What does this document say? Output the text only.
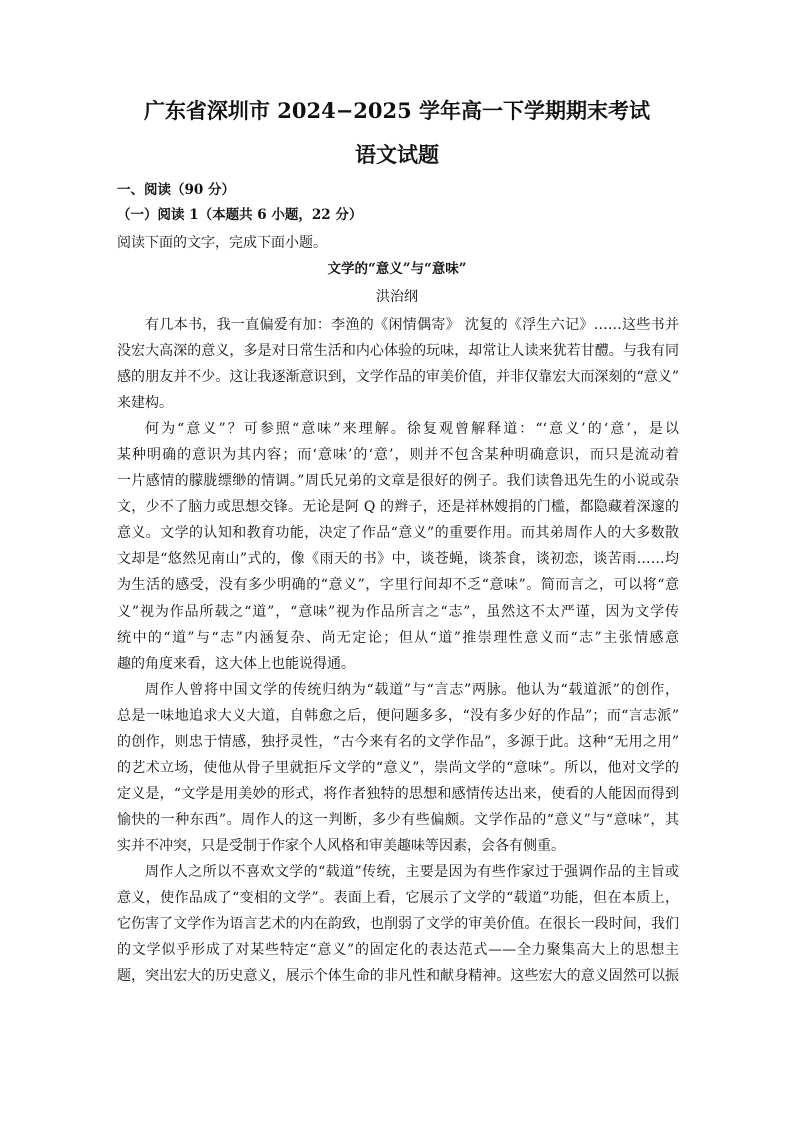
广东省深圳市 2024−2025 学年高一下学期期末考试
语文试题
一、阅读（90 分）
（一）阅读 1（本题共 6 小题，22 分）
阅读下面的文字，完成下面小题。
文学的“意义”与“意味”
洪治纲
有几本书，我一直偏爱有加：李渔的《闲情偶寄》 沈复的《浮生六记》……这些书并
没宏大高深的意义，多是对日常生活和内心体验的玩味，却常让人读来犹若甘醴。与我有同
感的朋友并不少。这让我逐渐意识到，文学作品的审美价值，并非仅靠宏大而深刻的“意义”
来建构。
何为“意义”？可参照“意味”来理解。徐复观曾解释道：“‘意义’的‘意’，是以
某种明确的意识为其内容；而‘意味’的‘意’，则并不包含某种明确意识，而只是流动着
一片感情的朦胧缥缈的情调。”周氏兄弟的文章是很好的例子。我们读鲁迅先生的小说或杂
文，少不了脑力或思想交锋。无论是阿 Q 的辫子，还是祥林嫂捐的门槛，都隐藏着深邃的
意义。文学的认知和教育功能，决定了作品“意义”的重要作用。而其弟周作人的大多数散
文却是“悠然见南山”式的，像《雨天的书》中，谈苍蝇，谈茶食，谈初恋，谈苦雨……均
为生活的感受，没有多少明确的“意义”，字里行间却不乏“意味”。简而言之，可以将“意
义”视为作品所载之“道”，“意味”视为作品所言之“志”，虽然这不太严谨，因为文学传
统中的“道”与“志”内涵复杂、尚无定论；但从“道”推崇理性意义而“志”主张情感意
趣的角度来看，这大体上也能说得通。
周作人曾将中国文学的传统归纳为“载道”与“言志”两脉。他认为“载道派”的创作，
总是一味地追求大义大道，自韩愈之后，便问题多多，“没有多少好的作品”；而“言志派”
的创作，则忠于情感，独抒灵性，“古今来有名的文学作品”，多源于此。这种“无用之用”
的艺术立场，使他从骨子里就拒斥文学的“意义”，崇尚文学的“意味”。所以，他对文学的
定义是，“文学是用美妙的形式，将作者独特的思想和感情传达出来，使看的人能因而得到
愉快的一种东西”。周作人的这一判断，多少有些偏颇。文学作品的“意义”与“意味”，其
实并不冲突，只是受制于作家个人风格和审美趣味等因素，会各有侧重。
周作人之所以不喜欢文学的“载道”传统，主要是因为有些作家过于强调作品的主旨或
意义，使作品成了“变相的文学”。表面上看，它展示了文学的“载道”功能，但在本质上，
它伤害了文学作为语言艺术的内在韵致，也削弱了文学的审美价值。在很长一段时间，我们
的文学似乎形成了对某些特定“意义”的固定化的表达范式——全力聚集高大上的思想主
题，突出宏大的历史意义，展示个体生命的非凡性和献身精神。这些宏大的意义固然可以振
